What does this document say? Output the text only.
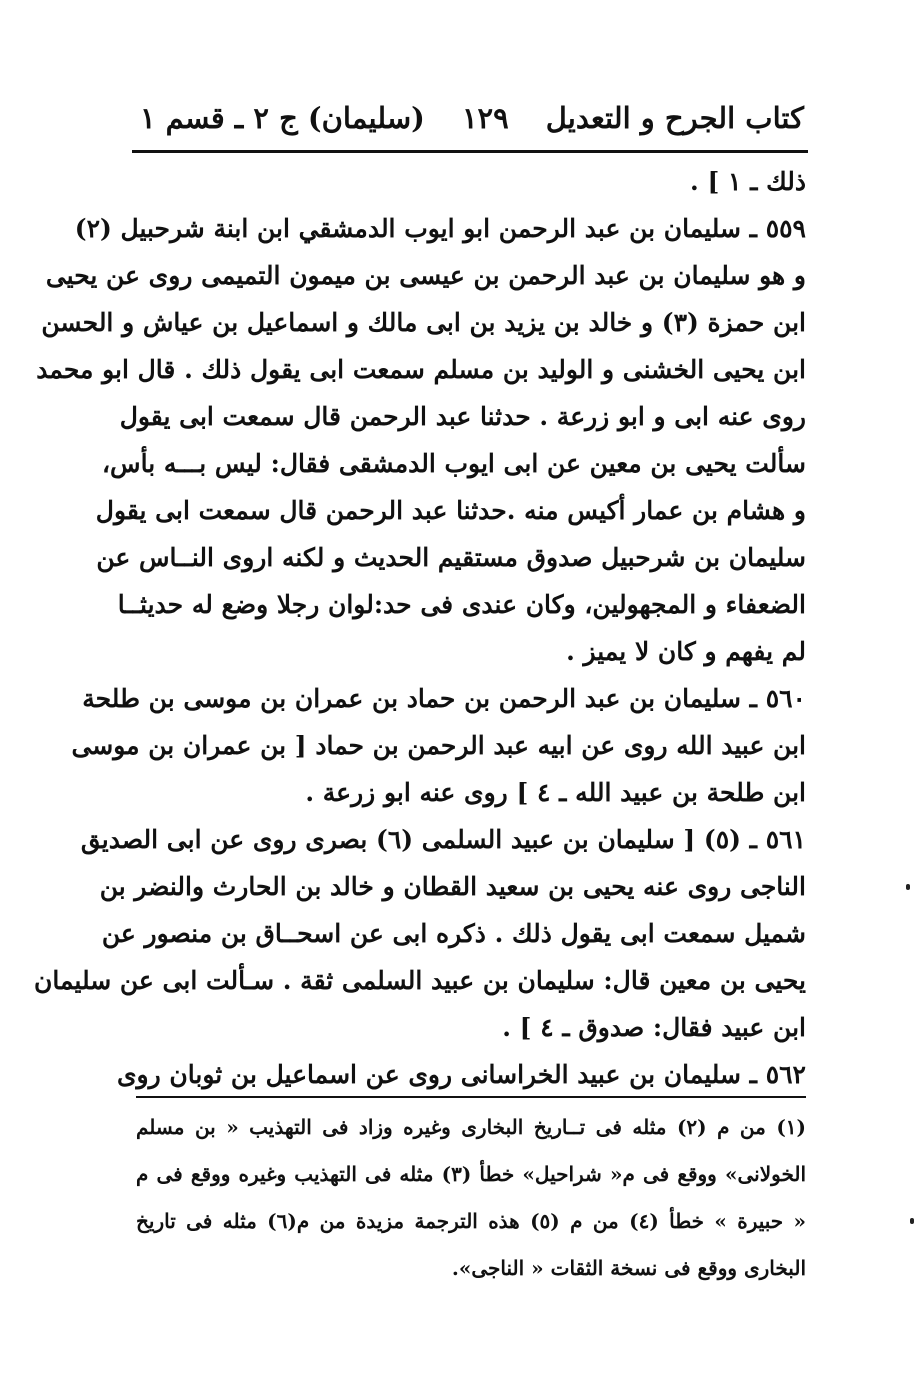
كتاب الجرح و التعديل
١٢٩
(سليمان) ج ٢ ـ قسم ١
ذلك ـ ١ ] .
٥٥٩ ـ سليمان بن عبد الرحمن ابو ايوب الدمشقي ابن ابنة شرحبيل (٢)
و هو سليمان بن عبد الرحمن بن عيسى بن ميمون التميمى روى عن يحيى
ابن حمزة (٣) و خالد بن يزيد بن ابى مالك و اسماعيل بن عياش و الحسن
ابن يحيى الخشنى و الوليد بن مسلم سمعت ابى يقول ذلك . قال ابو محمد
روى عنه ابى و ابو زرعة . حدثنا عبد الرحمن قال سمعت ابى يقول
سألت يحيى بن معين عن ابى ايوب الدمشقى فقال: ليس بـــه بأس،
و هشام بن عمار أكيس منه .حدثنا عبد الرحمن قال سمعت ابى يقول
سليمان بن شرحبيل صدوق مستقيم الحديث و لكنه اروى النــاس عن
الضعفاء و المجهولين، وكان عندى فى حد:لوان رجلا وضع له حديثــا
لم يفهم و كان لا يميز .
٥٦٠ ـ سليمان بن عبد الرحمن بن حماد بن عمران بن موسى بن طلحة
ابن عبيد الله روى عن ابيه عبد الرحمن بن حماد [ بن عمران بن موسى
ابن طلحة بن عبيد الله ـ ٤ ] روى عنه ابو زرعة .
٥٦١ ـ (٥) [ سليمان بن عبيد السلمى (٦) بصرى روى عن ابى الصديق
الناجى روى عنه يحيى بن سعيد القطان و خالد بن الحارث والنضر بن
شميل سمعت ابى يقول ذلك . ذكره ابى عن اسحــاق بن منصور عن
يحيى بن معين قال: سليمان بن عبيد السلمى ثقة . سـألت ابى عن سليمان
ابن عبيد فقال: صدوق ـ ٤ ] .
٥٦٢ ـ سليمان بن عبيد الخراسانى روى عن اسماعيل بن ثوبان روى
(١) من م (٢) مثله فى تــاريخ البخارى وغيره وزاد فى التهذيب « بن مسلم
الخولانى» ووقع فى م« شراحيل» خطأ (٣) مثله فى التهذيب وغيره ووقع فى م
« حبيرة » خطأ (٤) من م (٥) هذه الترجمة مزيدة من م(٦) مثله فى تاريخ
البخارى ووقع فى نسخة الثقات « الناجى».
